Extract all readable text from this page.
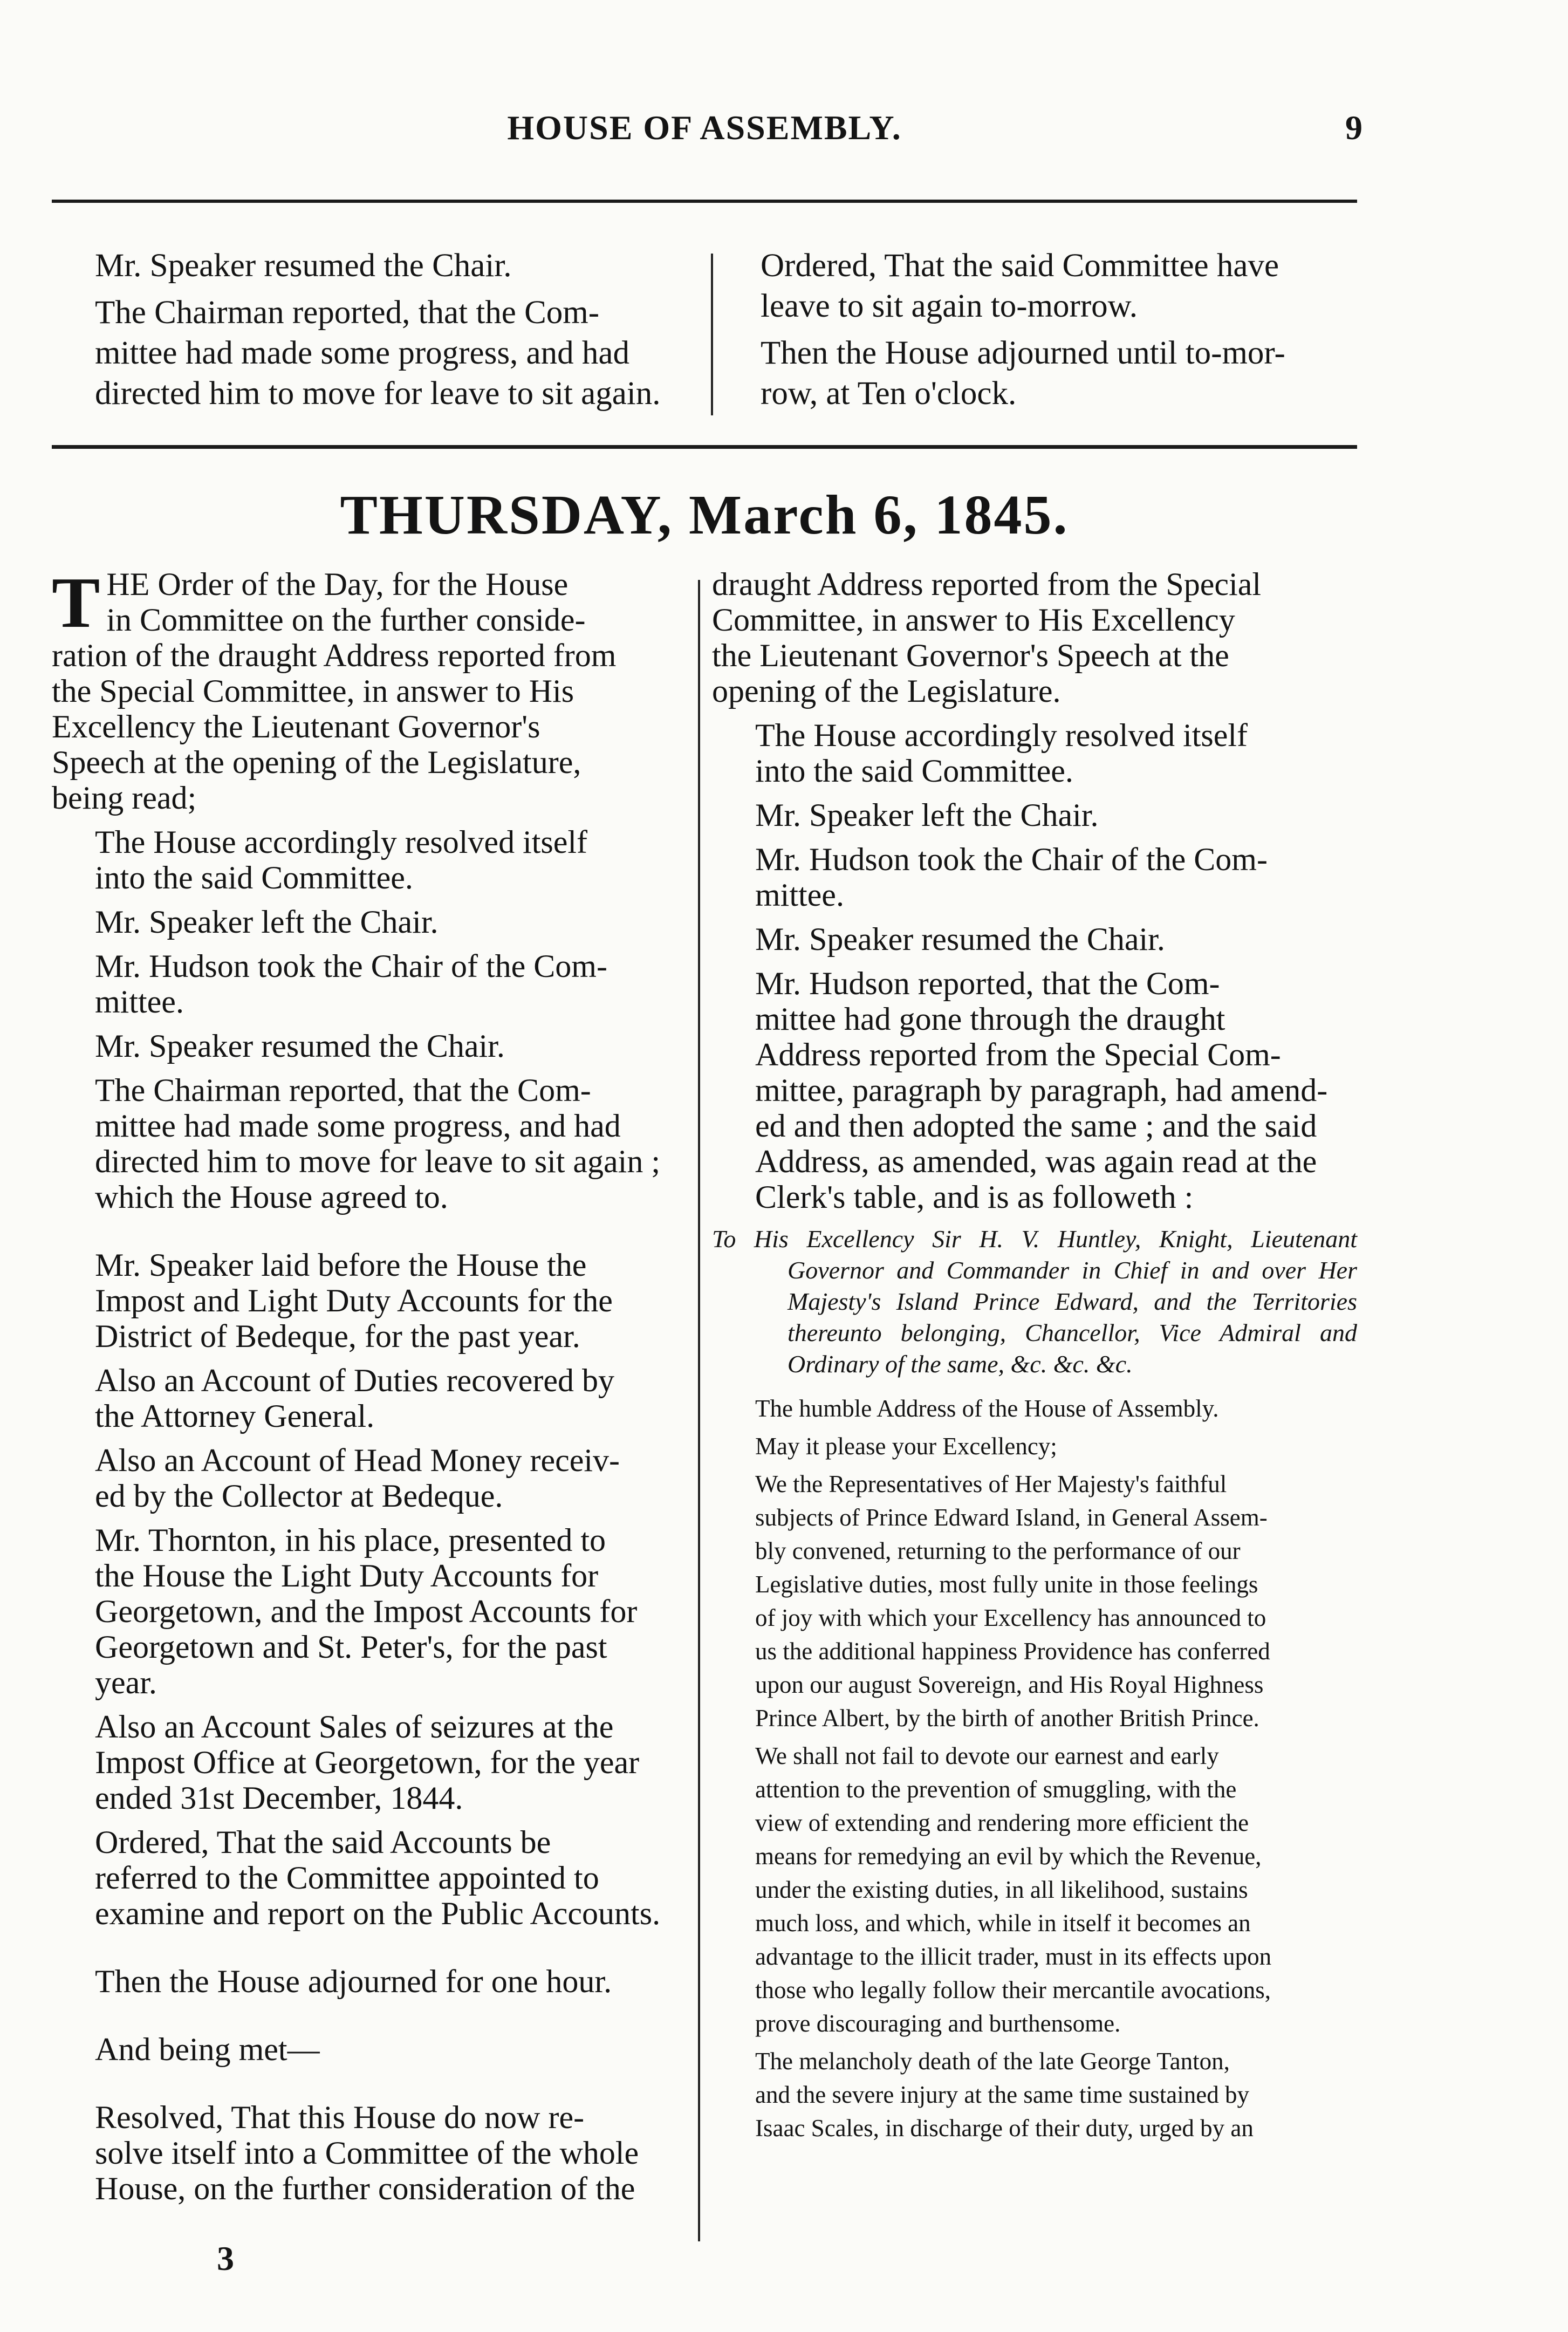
HOUSE OF ASSEMBLY.	9
Mr. Speaker resumed the Chair.
The Chairman reported, that the Com-
mittee had made some progress, and had
directed him to move for leave to sit again.
Ordered, That the said Committee have
leave to sit again to-morrow.
Then the House adjourned until to-mor-
row, at Ten o'clock.
THURSDAY, March 6, 1845.
T HE Order of the Day, for the House
in Committee on the further conside-
ration of the draught Address reported from
the Special Committee, in answer to His
Excellency the Lieutenant Governor's
Speech at the opening of the Legislature,
being read;
The House accordingly resolved itself
into the said Committee.
Mr. Speaker left the Chair.
Mr. Hudson took the Chair of the Com-
mittee.
Mr. Speaker resumed the Chair.
The Chairman reported, that the Com-
mittee had made some progress, and had
directed him to move for leave to sit again ;
which the House agreed to.
Mr. Speaker laid before the House the
Impost and Light Duty Accounts for the
District of Bedeque, for the past year.
Also an Account of Duties recovered by
the Attorney General.
Also an Account of Head Money receiv-
ed by the Collector at Bedeque.
Mr. Thornton, in his place, presented to
the House the Light Duty Accounts for
Georgetown, and the Impost Accounts for
Georgetown and St. Peter's, for the past
year.
Also an Account Sales of seizures at the
Impost Office at Georgetown, for the year
ended 31st December, 1844.
Ordered, That the said Accounts be
referred to the Committee appointed to
examine and report on the Public Accounts.
Then the House adjourned for one hour.
And being met—
Resolved, That this House do now re-
solve itself into a Committee of the whole
House, on the further consideration of the
draught Address reported from the Special
Committee, in answer to His Excellency
the Lieutenant Governor's Speech at the
opening of the Legislature.
The House accordingly resolved itself
into the said Committee.
Mr. Speaker left the Chair.
Mr. Hudson took the Chair of the Com-
mittee.
Mr. Speaker resumed the Chair.
Mr. Hudson reported, that the Com-
mittee had gone through the draught
Address reported from the Special Com-
mittee, paragraph by paragraph, had amend-
ed and then adopted the same ; and the said
Address, as amended, was again read at the
Clerk's table, and is as followeth :
To His Excellency Sir H. V. Huntley, Knight, Lieutenant Governor and Commander in Chief in and over Her Majesty's Island Prince Edward, and the Territories thereunto belonging, Chancellor, Vice Admiral and Ordinary of the same, &c. &c. &c.
The humble Address of the House of Assembly.
May it please your Excellency;
We the Representatives of Her Majesty's faithful
subjects of Prince Edward Island, in General Assem-
bly convened, returning to the performance of our
Legislative duties, most fully unite in those feelings
of joy with which your Excellency has announced to
us the additional happiness Providence has conferred
upon our august Sovereign, and His Royal Highness
Prince Albert, by the birth of another British Prince.
We shall not fail to devote our earnest and early
attention to the prevention of smuggling, with the
view of extending and rendering more efficient the
means for remedying an evil by which the Revenue,
under the existing duties, in all likelihood, sustains
much loss, and which, while in itself it becomes an
advantage to the illicit trader, must in its effects upon
those who legally follow their mercantile avocations,
prove discouraging and burthensome.
The melancholy death of the late George Tanton,
and the severe injury at the same time sustained by
Isaac Scales, in discharge of their duty, urged by an
3
